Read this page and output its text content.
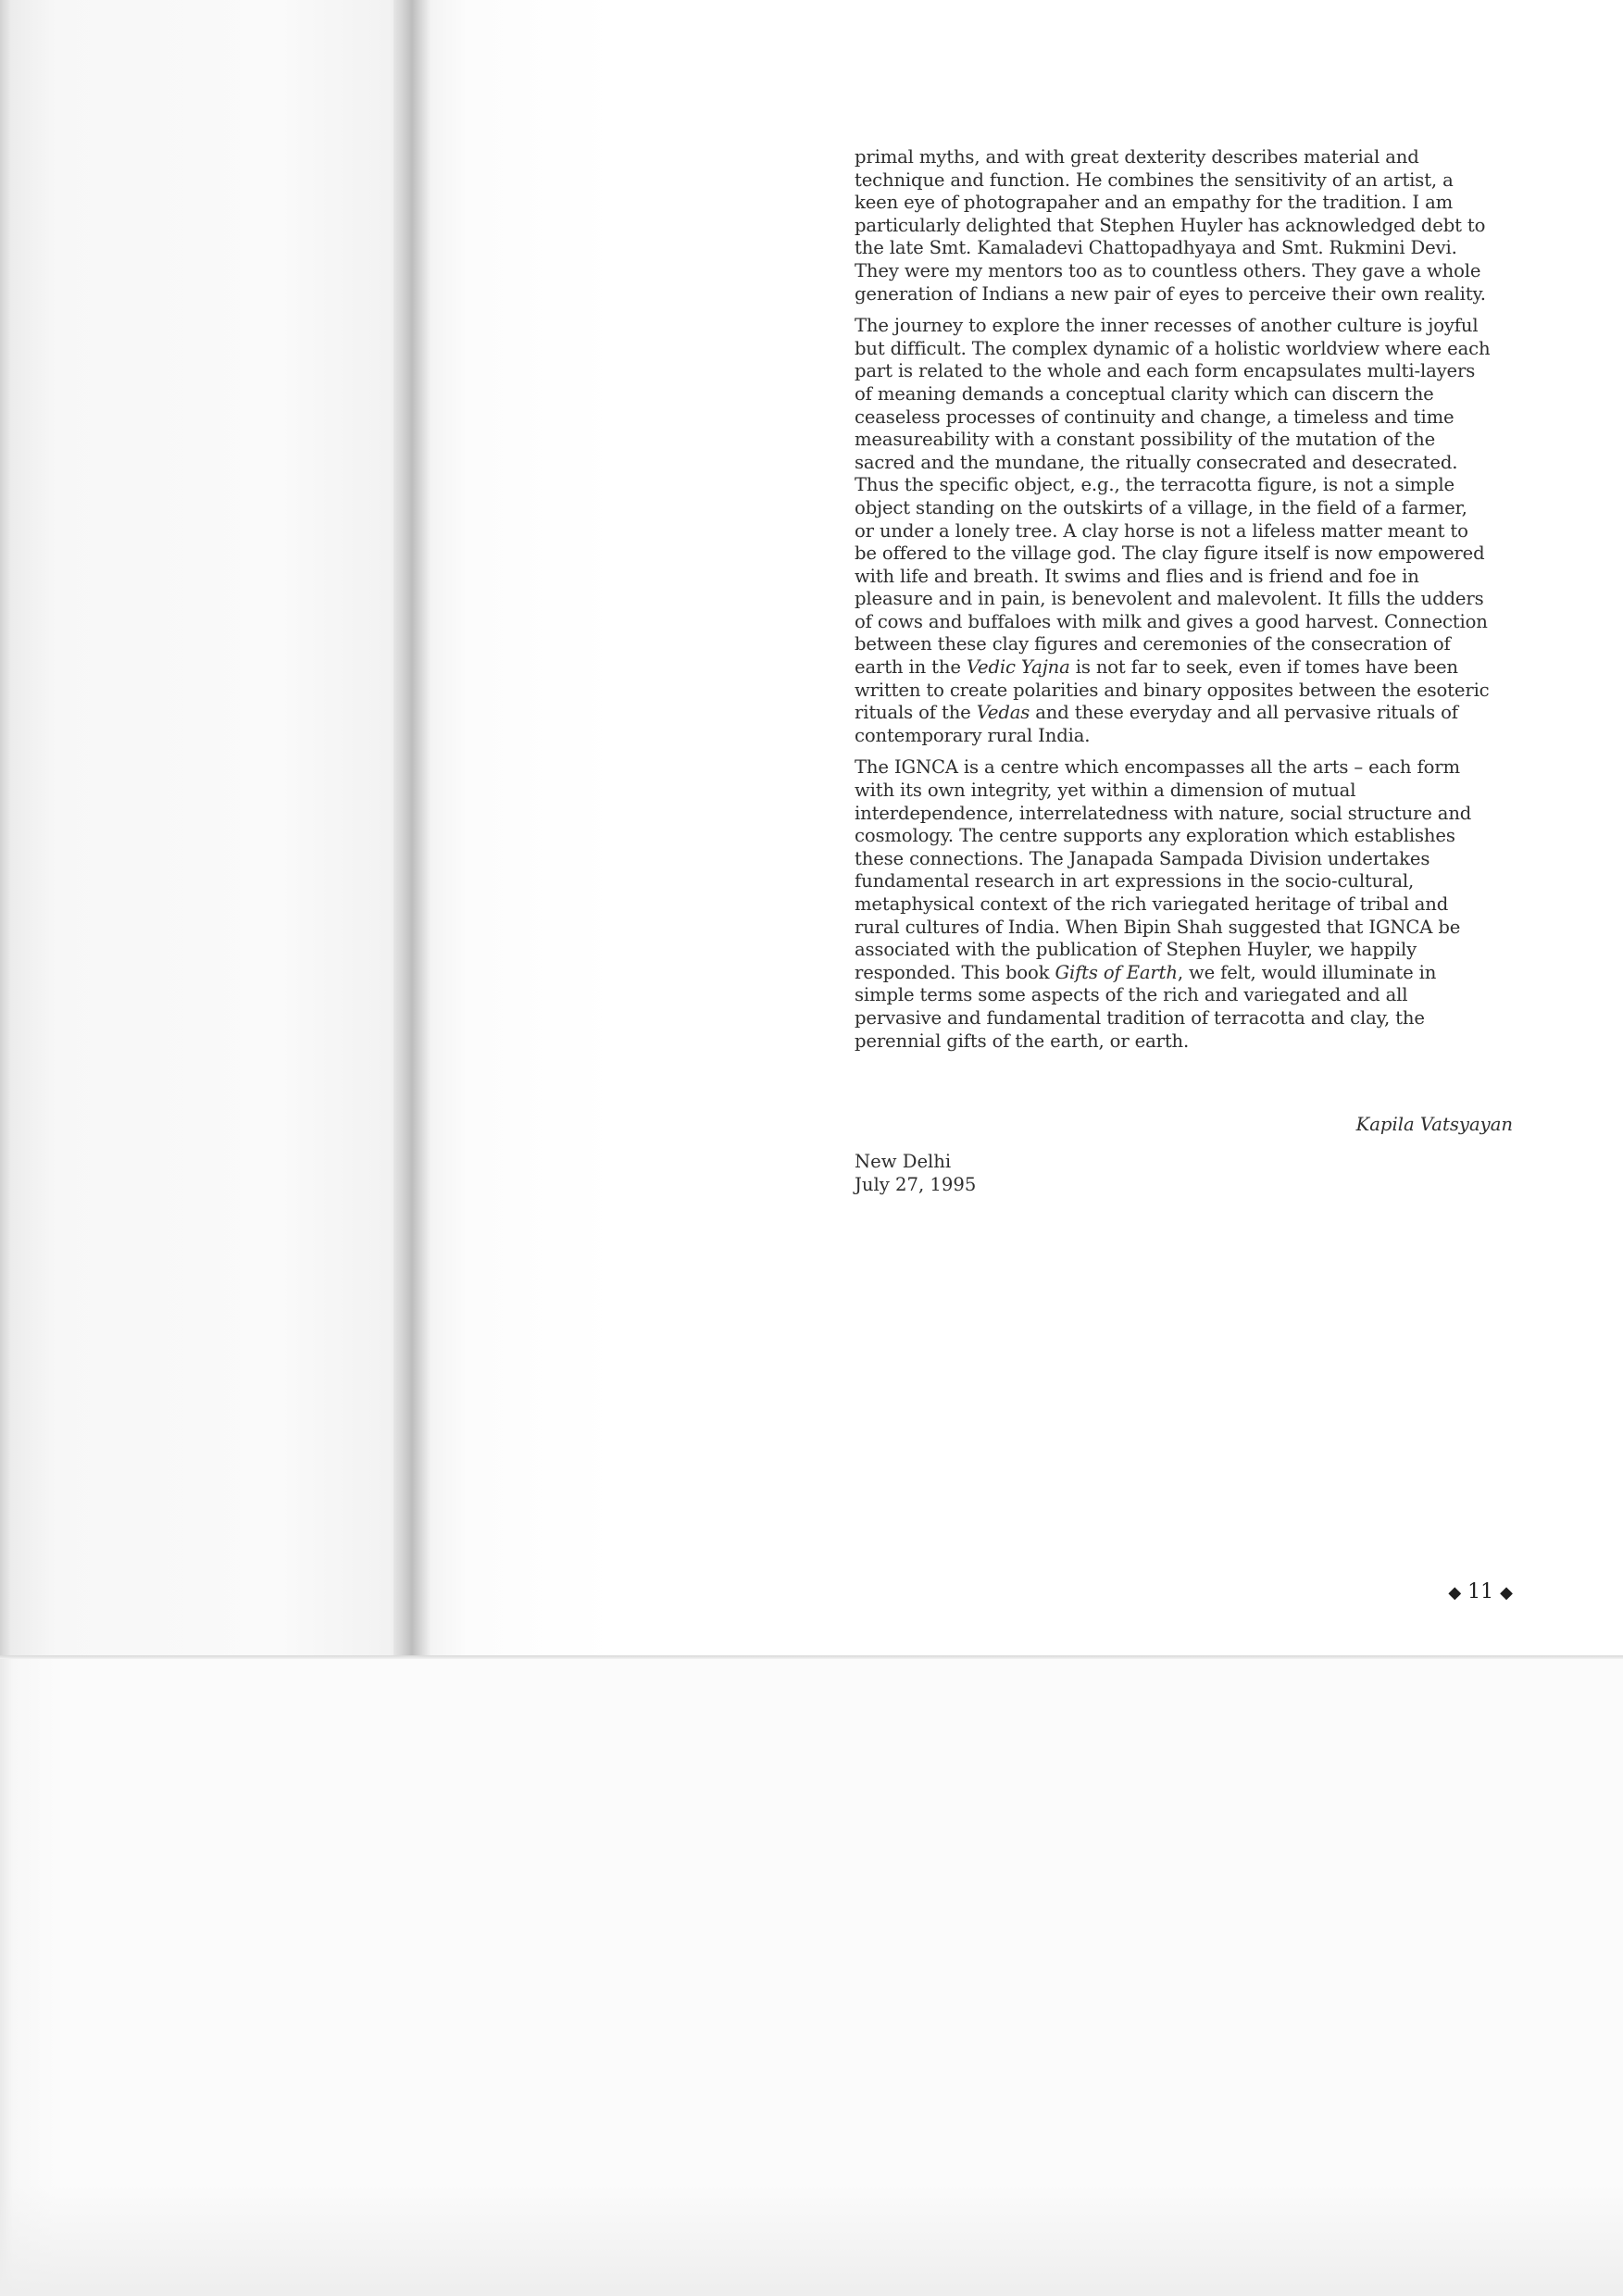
primal myths, and with great dexterity describes material and
technique and function. He combines the sensitivity of an artist, a
keen eye of photograpaher and an empathy for the tradition. I am
particularly delighted that Stephen Huyler has acknowledged debt to
the late Smt. Kamaladevi Chattopadhyaya and Smt. Rukmini Devi.
They were my mentors too as to countless others. They gave a whole
generation of Indians a new pair of eyes to perceive their own reality.

The journey to explore the inner recesses of another culture is joyful
but difficult. The complex dynamic of a holistic worldview where each
part is related to the whole and each form encapsulates multi-layers
of meaning demands a conceptual clarity which can discern the
ceaseless processes of continuity and change, a timeless and time
measureability with a constant possibility of the mutation of the
sacred and the mundane, the ritually consecrated and desecrated.
Thus the specific object, e.g., the terracotta figure, is not a simple
object standing on the outskirts of a village, in the field of a farmer,
or under a lonely tree. A clay horse is not a lifeless matter meant to
be offered to the village god. The clay figure itself is now empowered
with life and breath. It swims and flies and is friend and foe in
pleasure and in pain, is benevolent and malevolent. It fills the udders
of cows and buffaloes with milk and gives a good harvest. Connection
between these clay figures and ceremonies of the consecration of
earth in the Vedic Yajna is not far to seek, even if tomes have been
written to create polarities and binary opposites between the esoteric
rituals of the Vedas and these everyday and all pervasive rituals of
contemporary rural India.

The IGNCA is a centre which encompasses all the arts – each form
with its own integrity, yet within a dimension of mutual
interdependence, interrelatedness with nature, social structure and
cosmology. The centre supports any exploration which establishes
these connections. The Janapada Sampada Division undertakes
fundamental research in art expressions in the socio-cultural,
metaphysical context of the rich variegated heritage of tribal and
rural cultures of India. When Bipin Shah suggested that IGNCA be
associated with the publication of Stephen Huyler, we happily
responded. This book Gifts of Earth, we felt, would illuminate in
simple terms some aspects of the rich and variegated and all
pervasive and fundamental tradition of terracotta and clay, the
perennial gifts of the earth, or earth.

Kapila Vatsyayan
New Delhi
July 27, 1995
◆ 11 ◆
